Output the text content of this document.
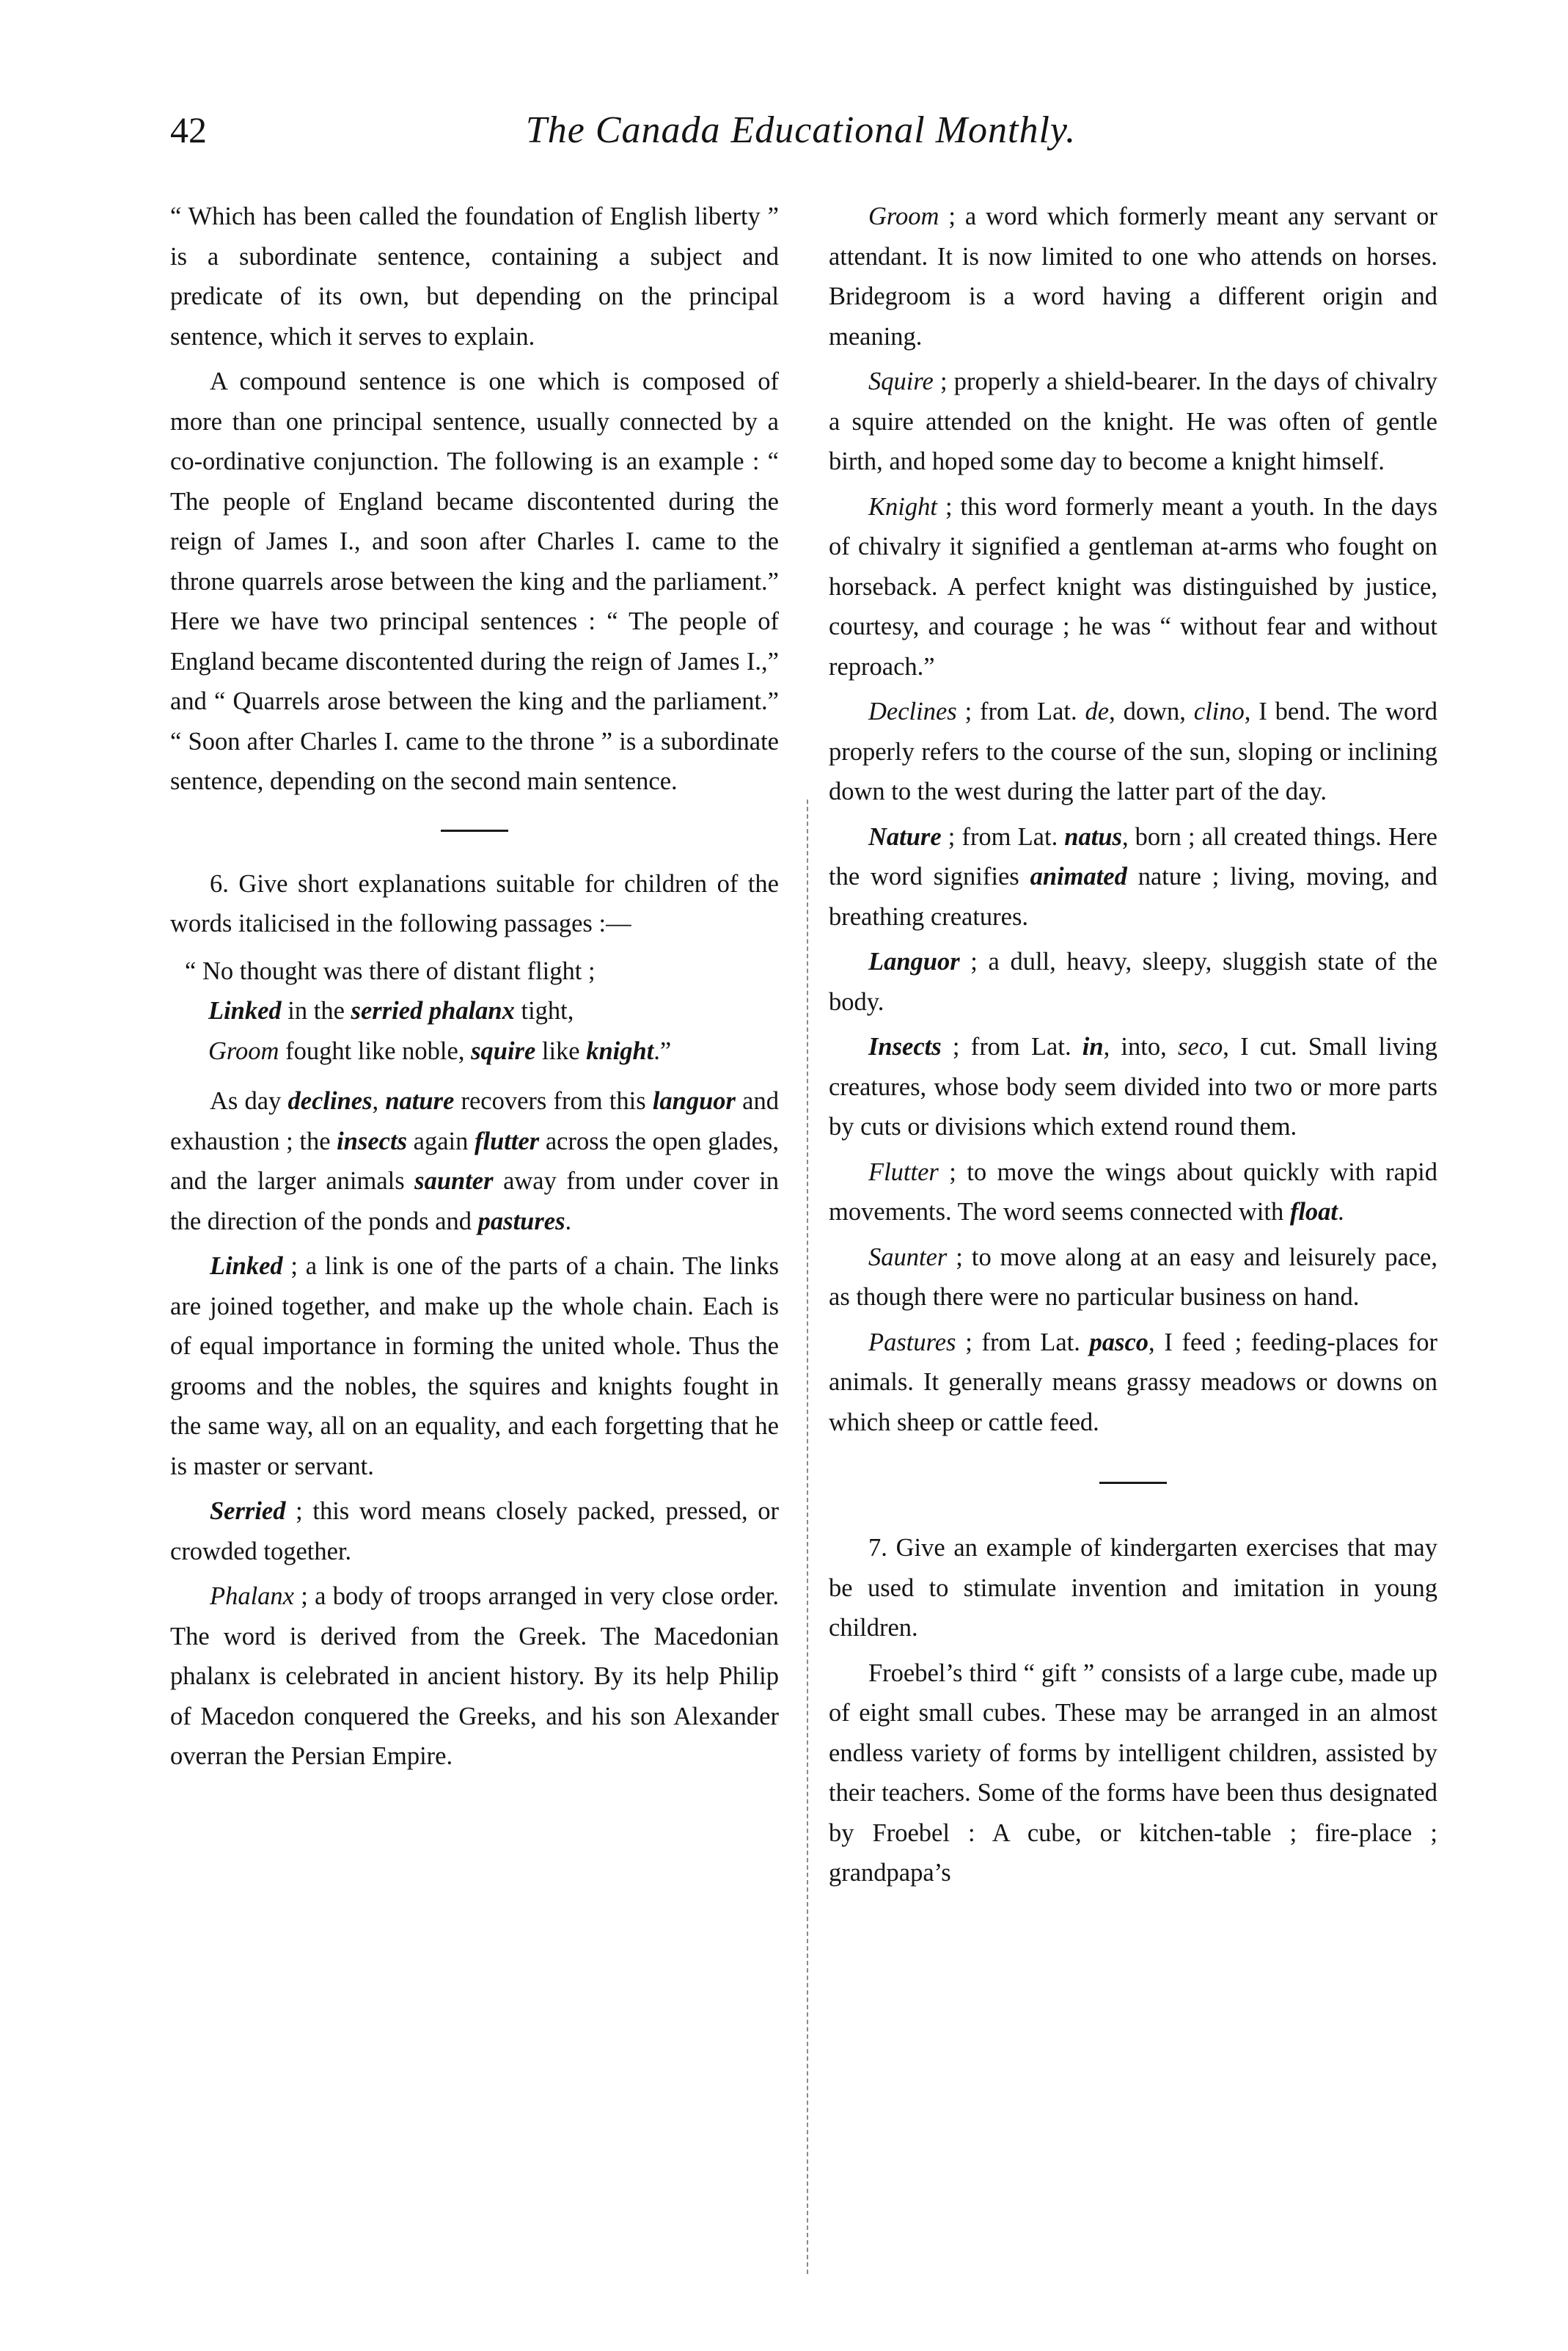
42	The Canada Educational Monthly.

“ Which has been called the foundation of English liberty ” is a subordinate sentence, containing a subject and predicate of its own, but depending on the principal sentence, which it serves to explain.

A compound sentence is one which is composed of more than one principal sentence, usually connected by a co-ordinative conjunction. The following is an example : “ The people of England became discontented during the reign of James I., and soon after Charles I. came to the throne quarrels arose between the king and the parliament.” Here we have two principal sentences : “ The people of England became discontented during the reign of James I.,” and “ Quarrels arose between the king and the parliament.” “ Soon after Charles I. came to the throne ” is a subordinate sentence, depending on the second main sentence.

6. Give short explanations suitable for children of the words italicised in the following passages :—

“ No thought was there of distant flight ;
Linked in the serried phalanx tight,
Groom fought like noble, squire like knight.”

As day declines, nature recovers from this languor and exhaustion ; the insects again flutter across the open glades, and the larger animals saunter away from under cover in the direction of the ponds and pastures.

Linked ; a link is one of the parts of a chain. The links are joined together, and make up the whole chain. Each is of equal importance in forming the united whole. Thus the grooms and the nobles, the squires and knights fought in the same way, all on an equality, and each forgetting that he is master or servant.

Serried ; this word means closely packed, pressed, or crowded together.

Phalanx ; a body of troops arranged in very close order. The word is derived from the Greek. The Macedonian phalanx is celebrated in ancient history. By its help Philip of Macedon conquered the Greeks, and his son Alexander overran the Persian Empire.

Groom ; a word which formerly meant any servant or attendant. It is now limited to one who attends on horses. Bridegroom is a word having a different origin and meaning.

Squire ; properly a shield-bearer. In the days of chivalry a squire attended on the knight. He was often of gentle birth, and hoped some day to become a knight himself.

Knight ; this word formerly meant a youth. In the days of chivalry it signified a gentleman at-arms who fought on horseback. A perfect knight was distinguished by justice, courtesy, and courage ; he was “ without fear and without reproach.”

Declines ; from Lat. de, down, clino, I bend. The word properly refers to the course of the sun, sloping or inclining down to the west during the latter part of the day.

Nature ; from Lat. natus, born ; all created things. Here the word signifies animated nature ; living, moving, and breathing creatures.

Languor ; a dull, heavy, sleepy, sluggish state of the body.

Insects ; from Lat. in, into, seco, I cut. Small living creatures, whose body seem divided into two or more parts by cuts or divisions which extend round them.

Flutter ; to move the wings about quickly with rapid movements. The word seems connected with float.

Saunter ; to move along at an easy and leisurely pace, as though there were no particular business on hand.

Pastures ; from Lat. pasco, I feed ; feeding-places for animals. It generally means grassy meadows or downs on which sheep or cattle feed.

7. Give an example of kindergarten exercises that may be used to stimulate invention and imitation in young children.

Froebel’s third “ gift ” consists of a large cube, made up of eight small cubes. These may be arranged in an almost endless variety of forms by intelligent children, assisted by their teachers. Some of the forms have been thus designated by Froebel : A cube, or kitchen-table ; fire-place ; grandpapa’s
